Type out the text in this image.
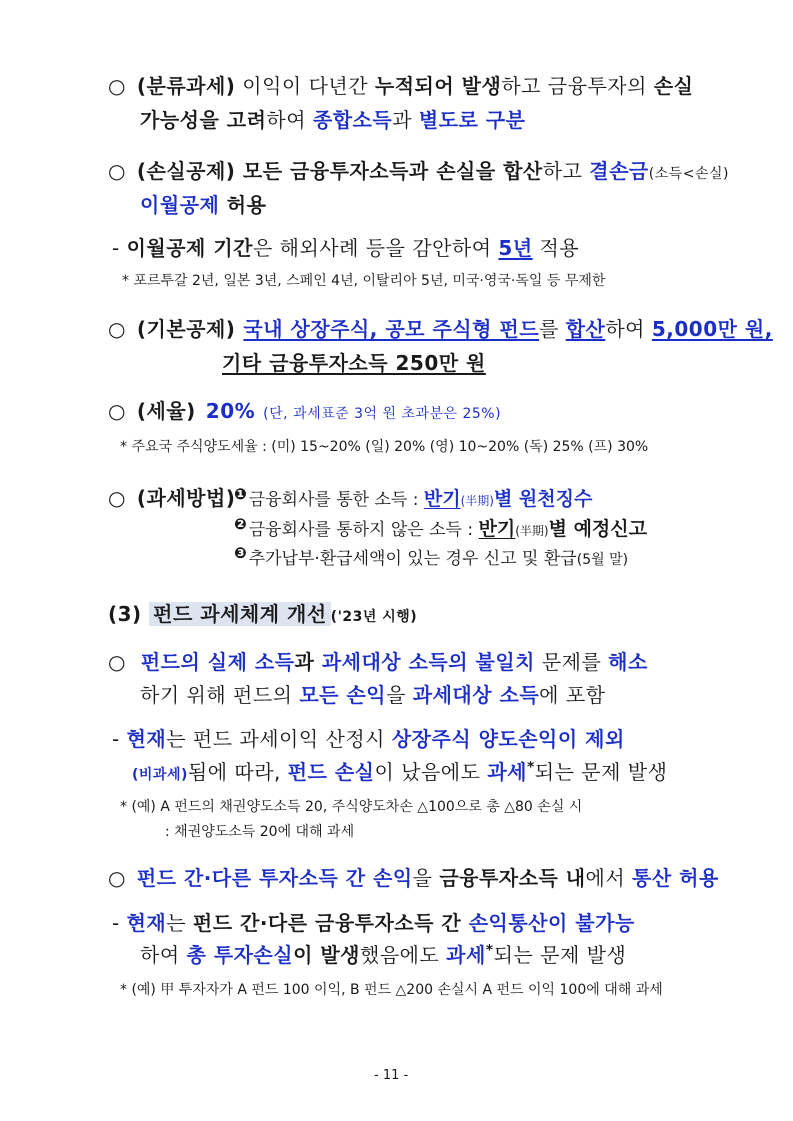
○ (분류과세) 이익이 다년간 누적되어 발생하고 금융투자의 손실
가능성을 고려하여 종합소득과 별도로 구분
○ (손실공제) 모든 금융투자소득과 손실을 합산하고 결손금(소득<손실)
이월공제 허용
- 이월공제 기간은 해외사례 등을 감안하여 5년 적용
* 포르투갈 2년, 일본 3년, 스페인 4년, 이탈리아 5년, 미국·영국·독일 등 무제한
○ (기본공제) 국내 상장주식, 공모 주식형 펀드를 합산하여 5,000만 원,
기타 금융투자소득 250만 원
○ (세율) 20% (단, 과세표준 3억 원 초과분은 25%)
* 주요국 주식양도세율 : (미) 15~20% (일) 20% (영) 10~20% (독) 25% (프) 30%
○ (과세방법)
❶ 금융회사를 통한 소득 : 반기(半期)별 원천징수
❷ 금융회사를 통하지 않은 소득 : 반기(半期)별 예정신고
❸ 추가납부·환급세액이 있는 경우 신고 및 환급(5월 말)
(3) 펀드 과세체계 개선 ('23년 시행)
○ 펀드의 실제 소득과 과세대상 소득의 불일치 문제를 해소
하기 위해 펀드의 모든 손익을 과세대상 소득에 포함
- 현재는 펀드 과세이익 산정시 상장주식 양도손익이 제외
(비과세)됨에 따라, 펀드 손실이 났음에도 과세*되는 문제 발생
* (예) A 펀드의 채권양도소득 20, 주식양도차손 △100으로 총 △80 손실 시
: 채권양도소득 20에 대해 과세
○ 펀드 간·다른 투자소득 간 손익을 금융투자소득 내에서 통산 허용
- 현재는 펀드 간·다른 금융투자소득 간 손익통산이 불가능
하여 총 투자손실이 발생했음에도 과세*되는 문제 발생
* (예) 甲 투자자가 A 펀드 100 이익, B 펀드 △200 손실시 A 펀드 이익 100에 대해 과세
- 11 -
